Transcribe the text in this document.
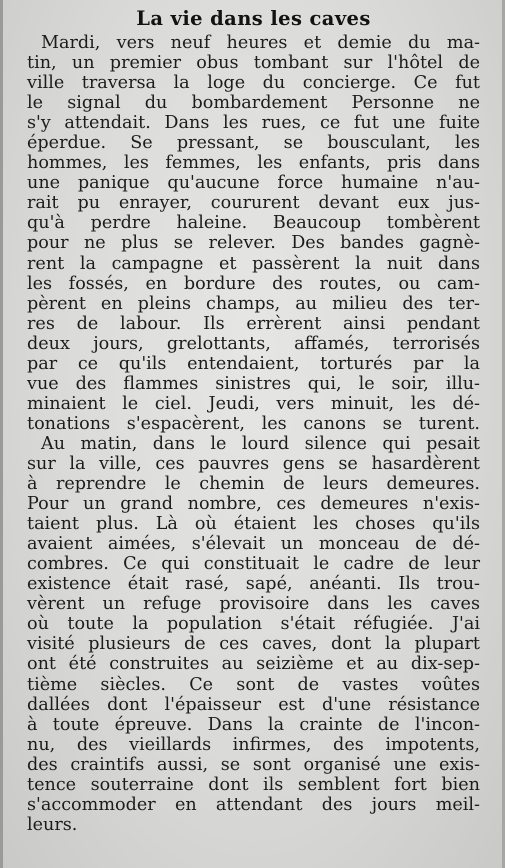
La vie dans les caves

Mardi, vers neuf heures et demie du ma-
tin, un premier obus tombant sur l'hôtel de
ville traversa la loge du concierge. Ce fut
le signal du bombardement Personne ne
s'y attendait. Dans les rues, ce fut une fuite
éperdue. Se pressant, se bousculant, les
hommes, les femmes, les enfants, pris dans
une panique qu'aucune force humaine n'au-
rait pu enrayer, coururent devant eux jus-
qu'à perdre haleine. Beaucoup tombèrent
pour ne plus se relever. Des bandes gagnè-
rent la campagne et passèrent la nuit dans
les fossés, en bordure des routes, ou cam-
pèrent en pleins champs, au milieu des ter-
res de labour. Ils errèrent ainsi pendant
deux jours, grelottants, affamés, terrorisés
par ce qu'ils entendaient, torturés par la
vue des flammes sinistres qui, le soir, illu-
minaient le ciel. Jeudi, vers minuit, les dé-
tonations s'espacèrent, les canons se turent.

Au matin, dans le lourd silence qui pesait
sur la ville, ces pauvres gens se hasardèrent
à reprendre le chemin de leurs demeures.
Pour un grand nombre, ces demeures n'exis-
taient plus. Là où étaient les choses qu'ils
avaient aimées, s'élevait un monceau de dé-
combres. Ce qui constituait le cadre de leur
existence était rasé, sapé, anéanti. Ils trou-
vèrent un refuge provisoire dans les caves
où toute la population s'était réfugiée. J'ai
visité plusieurs de ces caves, dont la plupart
ont été construites au seizième et au dix-sep-
tième siècles. Ce sont de vastes voûtes
dallées dont l'épaisseur est d'une résistance
à toute épreuve. Dans la crainte de l'incon-
nu, des vieillards infirmes, des impotents,
des craintifs aussi, se sont organisé une exis-
tence souterraine dont ils semblent fort bien
s'accommoder en attendant des jours meil-
leurs.
